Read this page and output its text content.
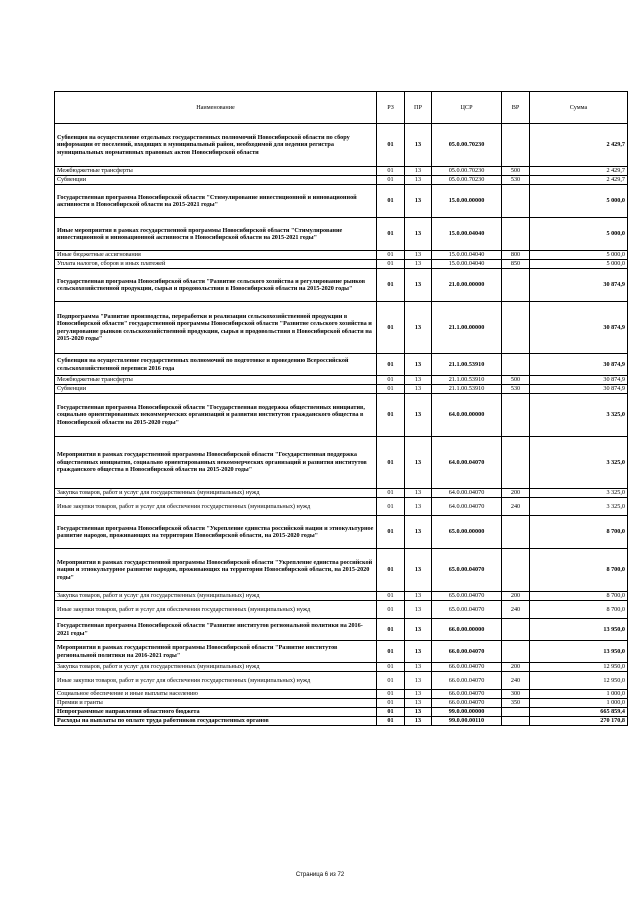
Наименование	РЗ	ПР	ЦСР	ВР	Сумма
Субвенция на осуществление отдельных государственных полномочий Новосибирской области по сбору информации от поселений, входящих в муниципальный район, необходимой для ведения регистра муниципальных нормативных правовых актов Новосибирской области	01	13	05.0.00.70230		2 429,7
Межбюджетные трансферты	01	13	05.0.00.70230	500	2 429,7
Субвенции	01	13	05.0.00.70230	530	2 429,7
Государственная программа Новосибирской области "Стимулирование инвестиционной и инновационной активности в Новосибирской области на 2015-2021 годы"	01	13	15.0.00.00000		5 000,0
Иные мероприятия в рамках государственной программы Новосибирской области "Стимулирование инвестиционной и инновационной активности в Новосибирской области на 2015-2021 годы"	01	13	15.0.00.04040		5 000,0
Иные бюджетные ассигнования	01	13	15.0.00.04040	800	5 000,0
Уплата налогов, сборов и иных платежей	01	13	15.0.00.04040	850	5 000,0
Государственная программа Новосибирской области "Развитие сельского хозяйства и регулирование рынков сельскохозяйственной продукции, сырья и продовольствия в Новосибирской области на 2015-2020 годы"	01	13	21.0.00.00000		30 874,9
Подпрограмма "Развитие производства, переработки и реализации сельскохозяйственной продукции в Новосибирской области" государственной программы Новосибирской области "Развитие сельского хозяйства и регулирование рынков сельскохозяйственной продукции, сырья и продовольствия в Новосибирской области на 2015-2020 годы"	01	13	21.1.00.00000		30 874,9
Субвенция на осуществление государственных полномочий по подготовке и проведению Всероссийской сельскохозяйственной переписи 2016 года	01	13	21.1.00.53910		30 874,9
Межбюджетные трансферты	01	13	21.1.00.53910	500	30 874,9
Субвенции	01	13	21.1.00.53910	530	30 874,9
Государственная программа Новосибирской области "Государственная поддержка общественных инициатив, социально ориентированных некоммерческих организаций и развития институтов гражданского общества в Новосибирской области на 2015-2020 годы"	01	13	64.0.00.00000		3 325,0
Мероприятия в рамках государственной программы Новосибирской области "Государственная поддержка общественных инициатив, социально ориентированных некоммерческих организаций и развития институтов гражданского общества в Новосибирской области на 2015-2020 годы"	01	13	64.0.00.04070		3 325,0
Закупка товаров, работ и услуг для государственных (муниципальных) нужд	01	13	64.0.00.04070	200	3 325,0
Иные закупки товаров, работ и услуг для обеспечения государственных (муниципальных) нужд	01	13	64.0.00.04070	240	3 325,0
Государственная программа Новосибирской области "Укрепление единства российской нации и этнокультурное развитие народов, проживающих на территории Новосибирской области, на 2015-2020 годы"	01	13	65.0.00.00000		8 700,0
Мероприятия в рамках государственной программы Новосибирской области "Укрепление единства российской нации и этнокультурное развитие народов, проживающих на территории Новосибирской области, на 2015-2020 годы"	01	13	65.0.00.04070		8 700,0
Закупка товаров, работ и услуг для государственных (муниципальных) нужд	01	13	65.0.00.04070	200	8 700,0
Иные закупки товаров, работ и услуг для обеспечения государственных (муниципальных) нужд	01	13	65.0.00.04070	240	8 700,0
Государственная программа Новосибирской области "Развитие институтов региональной политики на 2016-2021 годы"	01	13	66.0.00.00000		13 950,0
Мероприятия в рамках государственной программы Новосибирской области "Развитие институтов региональной политики на 2016-2021 годы"	01	13	66.0.00.04070		13 950,0
Закупка товаров, работ и услуг для государственных (муниципальных) нужд	01	13	66.0.00.04070	200	12 950,0
Иные закупки товаров, работ и услуг для обеспечения государственных (муниципальных) нужд	01	13	66.0.00.04070	240	12 950,0
Социальное обеспечение и иные выплаты населению	01	13	66.0.00.04070	300	1 000,0
Премии и гранты	01	13	66.0.00.04070	350	1 000,0
Непрограммные направления областного бюджета	01	13	99.0.00.00000		665 859,4
Расходы на выплаты по оплате труда работников государственных органов	01	13	99.0.00.00110		270 170,8
Страница 6 из 72
